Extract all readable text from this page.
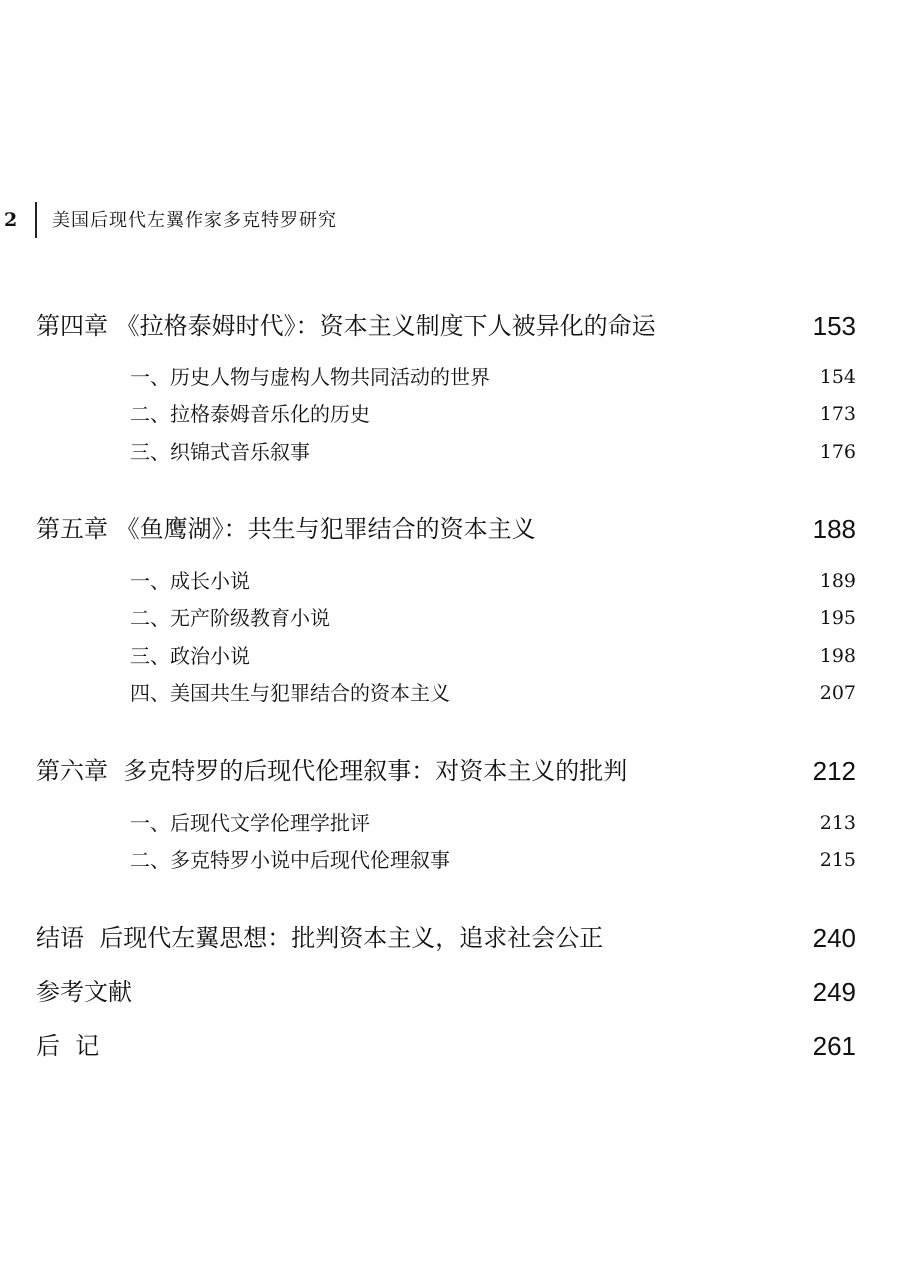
2 美国后现代左翼作家多克特罗研究
第四章 《拉格泰姆时代》：资本主义制度下人被异化的命运	153
一、历史人物与虚构人物共同活动的世界	154
二、拉格泰姆音乐化的历史	173
三、织锦式音乐叙事	176
第五章 《鱼鹰湖》：共生与犯罪结合的资本主义	188
一、成长小说	189
二、无产阶级教育小说	195
三、政治小说	198
四、美国共生与犯罪结合的资本主义	207
第六章  多克特罗的后现代伦理叙事：对资本主义的批判	212
一、后现代文学伦理学批评	213
二、多克特罗小说中后现代伦理叙事	215
结语  后现代左翼思想：批判资本主义，追求社会公正	240
参考文献	249
后  记	261
